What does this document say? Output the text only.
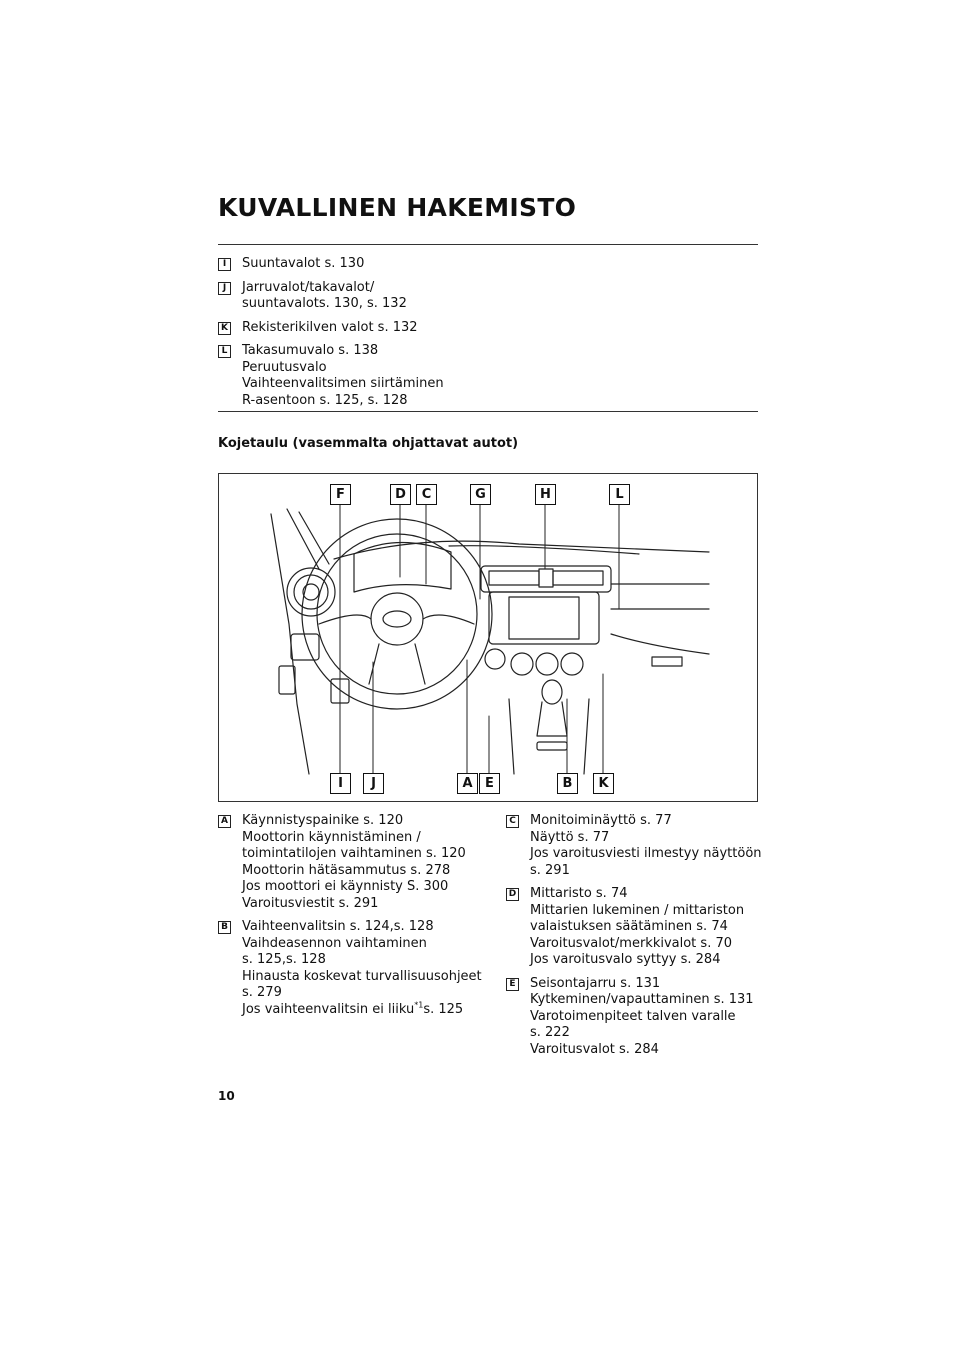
KUVALLINEN HAKEMISTO
I	Suuntavalot s. 130
J	Jarruvalot/takavalot/
suuntavalots. 130, s. 132
K Rekisterikilven valot s. 132
L Takasumuvalo s. 138
Peruutusvalo
Vaihteenvalitsimen siirtäminen
R-asentoon s. 125, s. 128
Kojetaulu (vasemmalta ohjattavat autot)
F	D	C	G	H	L
I	J	A E	B	K
A Käynnistyspainike s. 120
Moottorin käynnistäminen /
toimintatilojen vaihtaminen s. 120
Moottorin hätäsammutus s. 278
Jos moottori ei käynnisty S. 300
Varoitusviestit s. 291
B Vaihteenvalitsin s. 124,s. 128
Vaihdeasennon vaihtaminen
s. 125,s. 128
Hinausta koskevat turvallisuusohjeet
s. 279
Jos vaihteenvalitsin ei liiku$^{*1}$s. 125
C Monitoiminäyttö s. 77
Näyttö s. 77
Jos varoitusviesti ilmestyy näyttöön
s. 291
D Mittaristo s. 74
Mittarien lukeminen / mittariston
valaistuksen säätäminen s. 74
Varoitusvalot/merkkivalot s. 70
Jos varoitusvalo syttyy s. 284
E Seisontajarru s. 131
Kytkeminen/vapauttaminen s. 131
Varotoimenpiteet talven varalle
s. 222
Varoitusvalot s. 284
10
